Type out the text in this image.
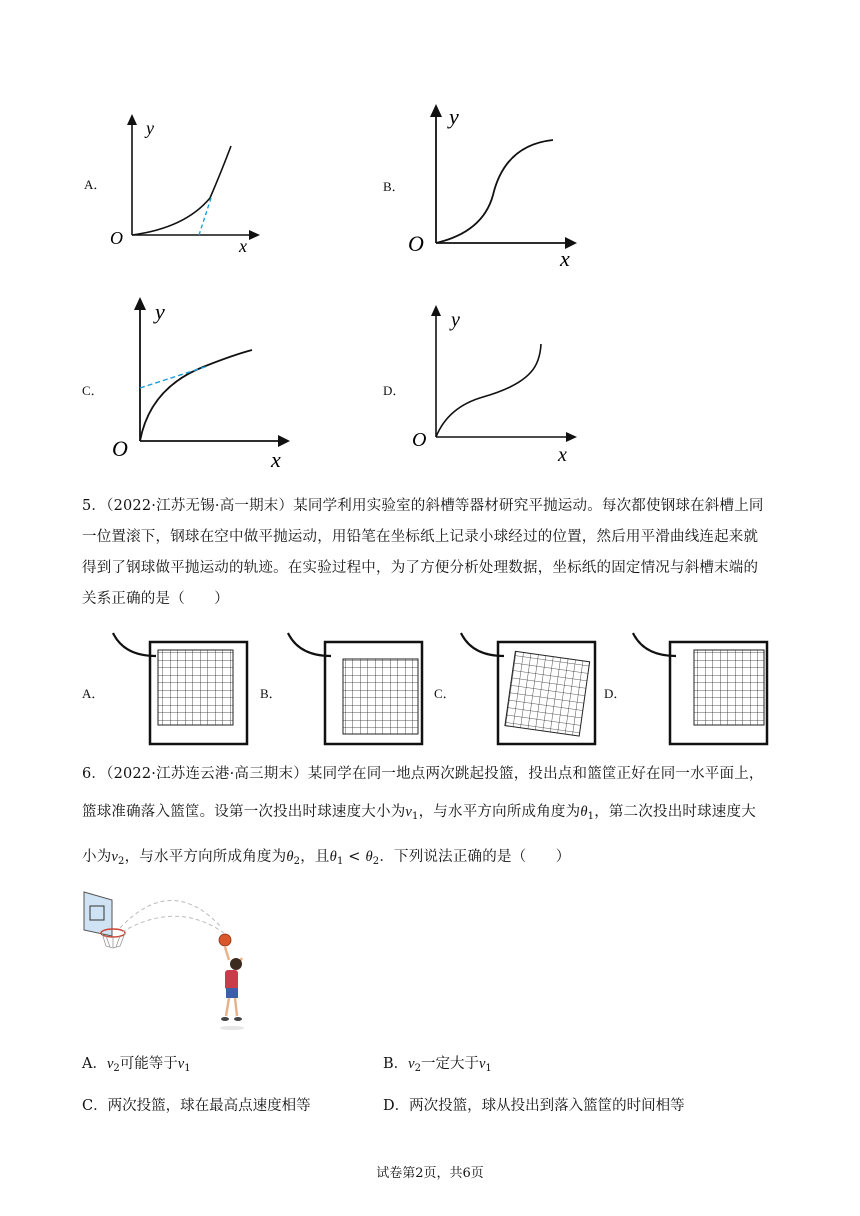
A．
y
x
O
B．
y
x
O
C．
y
x
O
D．
y
x
O
5．（2022·江苏无锡·高一期末）某同学利用实验室的斜槽等器材研究平抛运动。每次都使钢球在斜槽上同
一位置滚下，钢球在空中做平抛运动，用铅笔在坐标纸上记录小球经过的位置，然后用平滑曲线连起来就
得到了钢球做平抛运动的轨迹。在实验过程中，为了方便分析处理数据，坐标纸的固定情况与斜槽末端的
关系正确的是（　　）
A．	B．	C．	D．
6．（2022·江苏连云港·高三期末）某同学在同一地点两次跳起投篮，投出点和篮筐正好在同一水平面上，
篮球准确落入篮筐。设第一次投出时球速度大小为$v_1$，与水平方向所成角度为$\theta_1$，第二次投出时球速度大
小为$v_2$，与水平方向所成角度为$\theta_2$，且$\theta_1 < \theta_2$．下列说法正确的是（　　）
A．$v_2$可能等于$v_1$	B．$v_2$一定大于$v_1$
C．两次投篮，球在最高点速度相等	D．两次投篮，球从投出到落入篮筐的时间相等
试卷第2页，共6页
